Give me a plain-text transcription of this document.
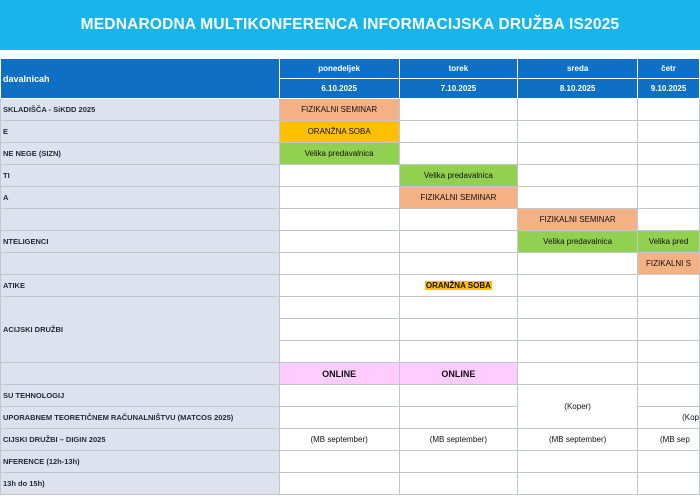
MEDNARODNA MULTIKONFERENCA INFORMACIJSKA DRUŽBA IS2025
davalnicah	ponedeljek	torek	sreda	četr
	6.10.2025	7.10.2025	8.10.2025	9.10.2025
SKLADIŠČA - SiKDD 2025	FIZIKALNI SEMINAR			
E	ORANŽNA SOBA			
NE NEGE (SIZN)	Velika predavalnica			
TI		Velika predavalnica		
A		FIZIKALNI SEMINAR		
			FIZIKALNI SEMINAR	
NTELIGENCI			Velika predavalnica	Velika pred
				FIZIKALNI S
ATIKE		ORANŽNA SOBA		
ACIJSKI DRUŽBI				

	ONLINE	ONLINE		
SU TEHNOLOGIJ			(Koper)	
UPORABNEM TEORETIČNEM RAČUNALNIŠTVU (MATCOS 2025)				(Kop
CIJSKI DRUŽBI – DIGIN 2025	(MB september)	(MB september)	(MB september)	(MB sep
NFERENCE (12h-13h)				
13h do 15h)				
